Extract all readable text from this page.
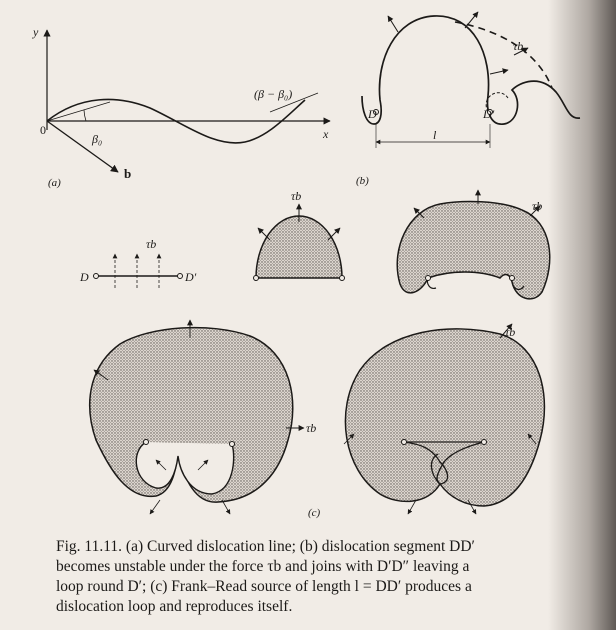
y
x
0
β₀
(β − β₀)
b
(a)
D	D′
τb
l
(b)
D	D′
τb
τb
τb
τb
τb
(c)
Fig. 11.11. (a) Curved dislocation line; (b) dislocation segment DD′
becomes unstable under the force τb and joins with D′D″ leaving a
loop round D′; (c) Frank–Read source of length l = DD′ produces a
dislocation loop and reproduces itself.
